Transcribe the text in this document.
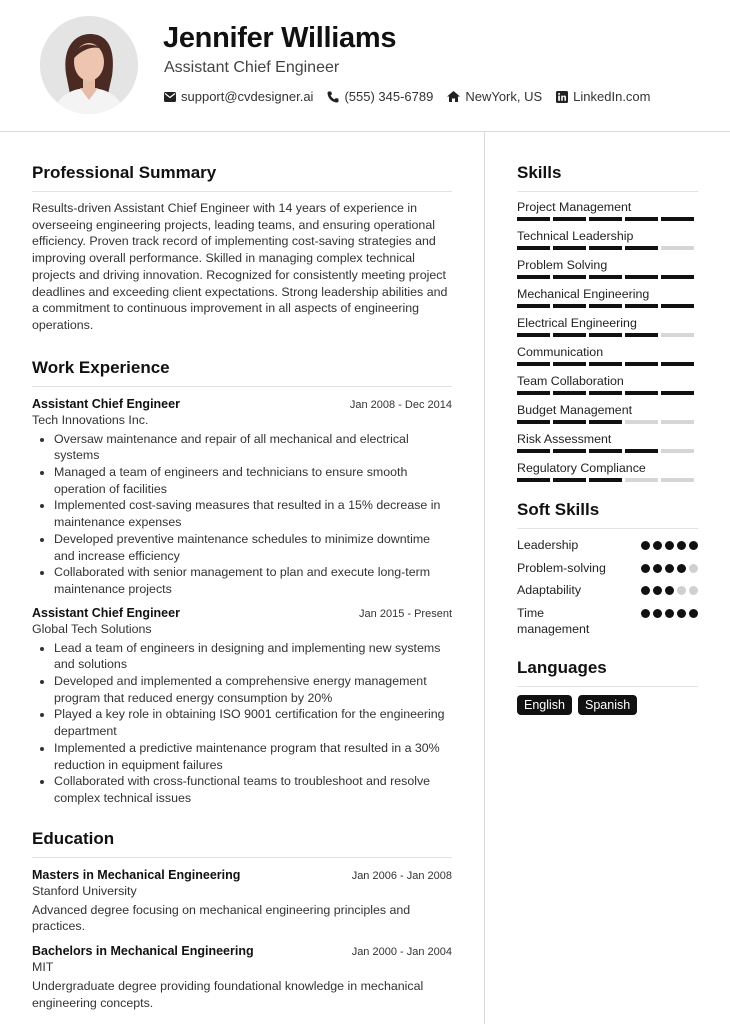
Jennifer Williams
Assistant Chief Engineer
support@cvdesigner.ai (555) 345-6789 NewYork, US LinkedIn.com
Professional Summary

Results-driven Assistant Chief Engineer with 14 years of experience in overseeing engineering projects, leading teams, and ensuring operational efficiency. Proven track record of implementing cost-saving strategies and improving overall performance. Skilled in managing complex technical projects and driving innovation. Recognized for consistently meeting project deadlines and exceeding client expectations. Strong leadership abilities and a commitment to continuous improvement in all aspects of engineering operations.

Work Experience
Assistant Chief Engineer	Jan 2008 - Dec 2014
Tech Innovations Inc.
• Oversaw maintenance and repair of all mechanical and electrical systems
• Managed a team of engineers and technicians to ensure smooth operation of facilities
• Implemented cost-saving measures that resulted in a 15% decrease in maintenance expenses
• Developed preventive maintenance schedules to minimize downtime and increase efficiency
• Collaborated with senior management to plan and execute long-term maintenance projects
Assistant Chief Engineer	Jan 2015 - Present
Global Tech Solutions
• Lead a team of engineers in designing and implementing new systems and solutions
• Developed and implemented a comprehensive energy management program that reduced energy consumption by 20%
• Played a key role in obtaining ISO 9001 certification for the engineering department
• Implemented a predictive maintenance program that resulted in a 30% reduction in equipment failures
• Collaborated with cross-functional teams to troubleshoot and resolve complex technical issues
Education
Masters in Mechanical Engineering	Jan 2006 - Jan 2008
Stanford University

Advanced degree focusing on mechanical engineering principles and practices.

Bachelors in Mechanical Engineering	Jan 2000 - Jan 2004
MIT

Undergraduate degree providing foundational knowledge in mechanical engineering concepts.

Skills
Project Management
Technical Leadership
Problem Solving
Mechanical Engineering
Electrical Engineering
Communication
Team Collaboration
Budget Management
Risk Assessment
Regulatory Compliance
Soft Skills
Leadership
Problem-solving
Adaptability
Time management
Languages
English	Spanish
